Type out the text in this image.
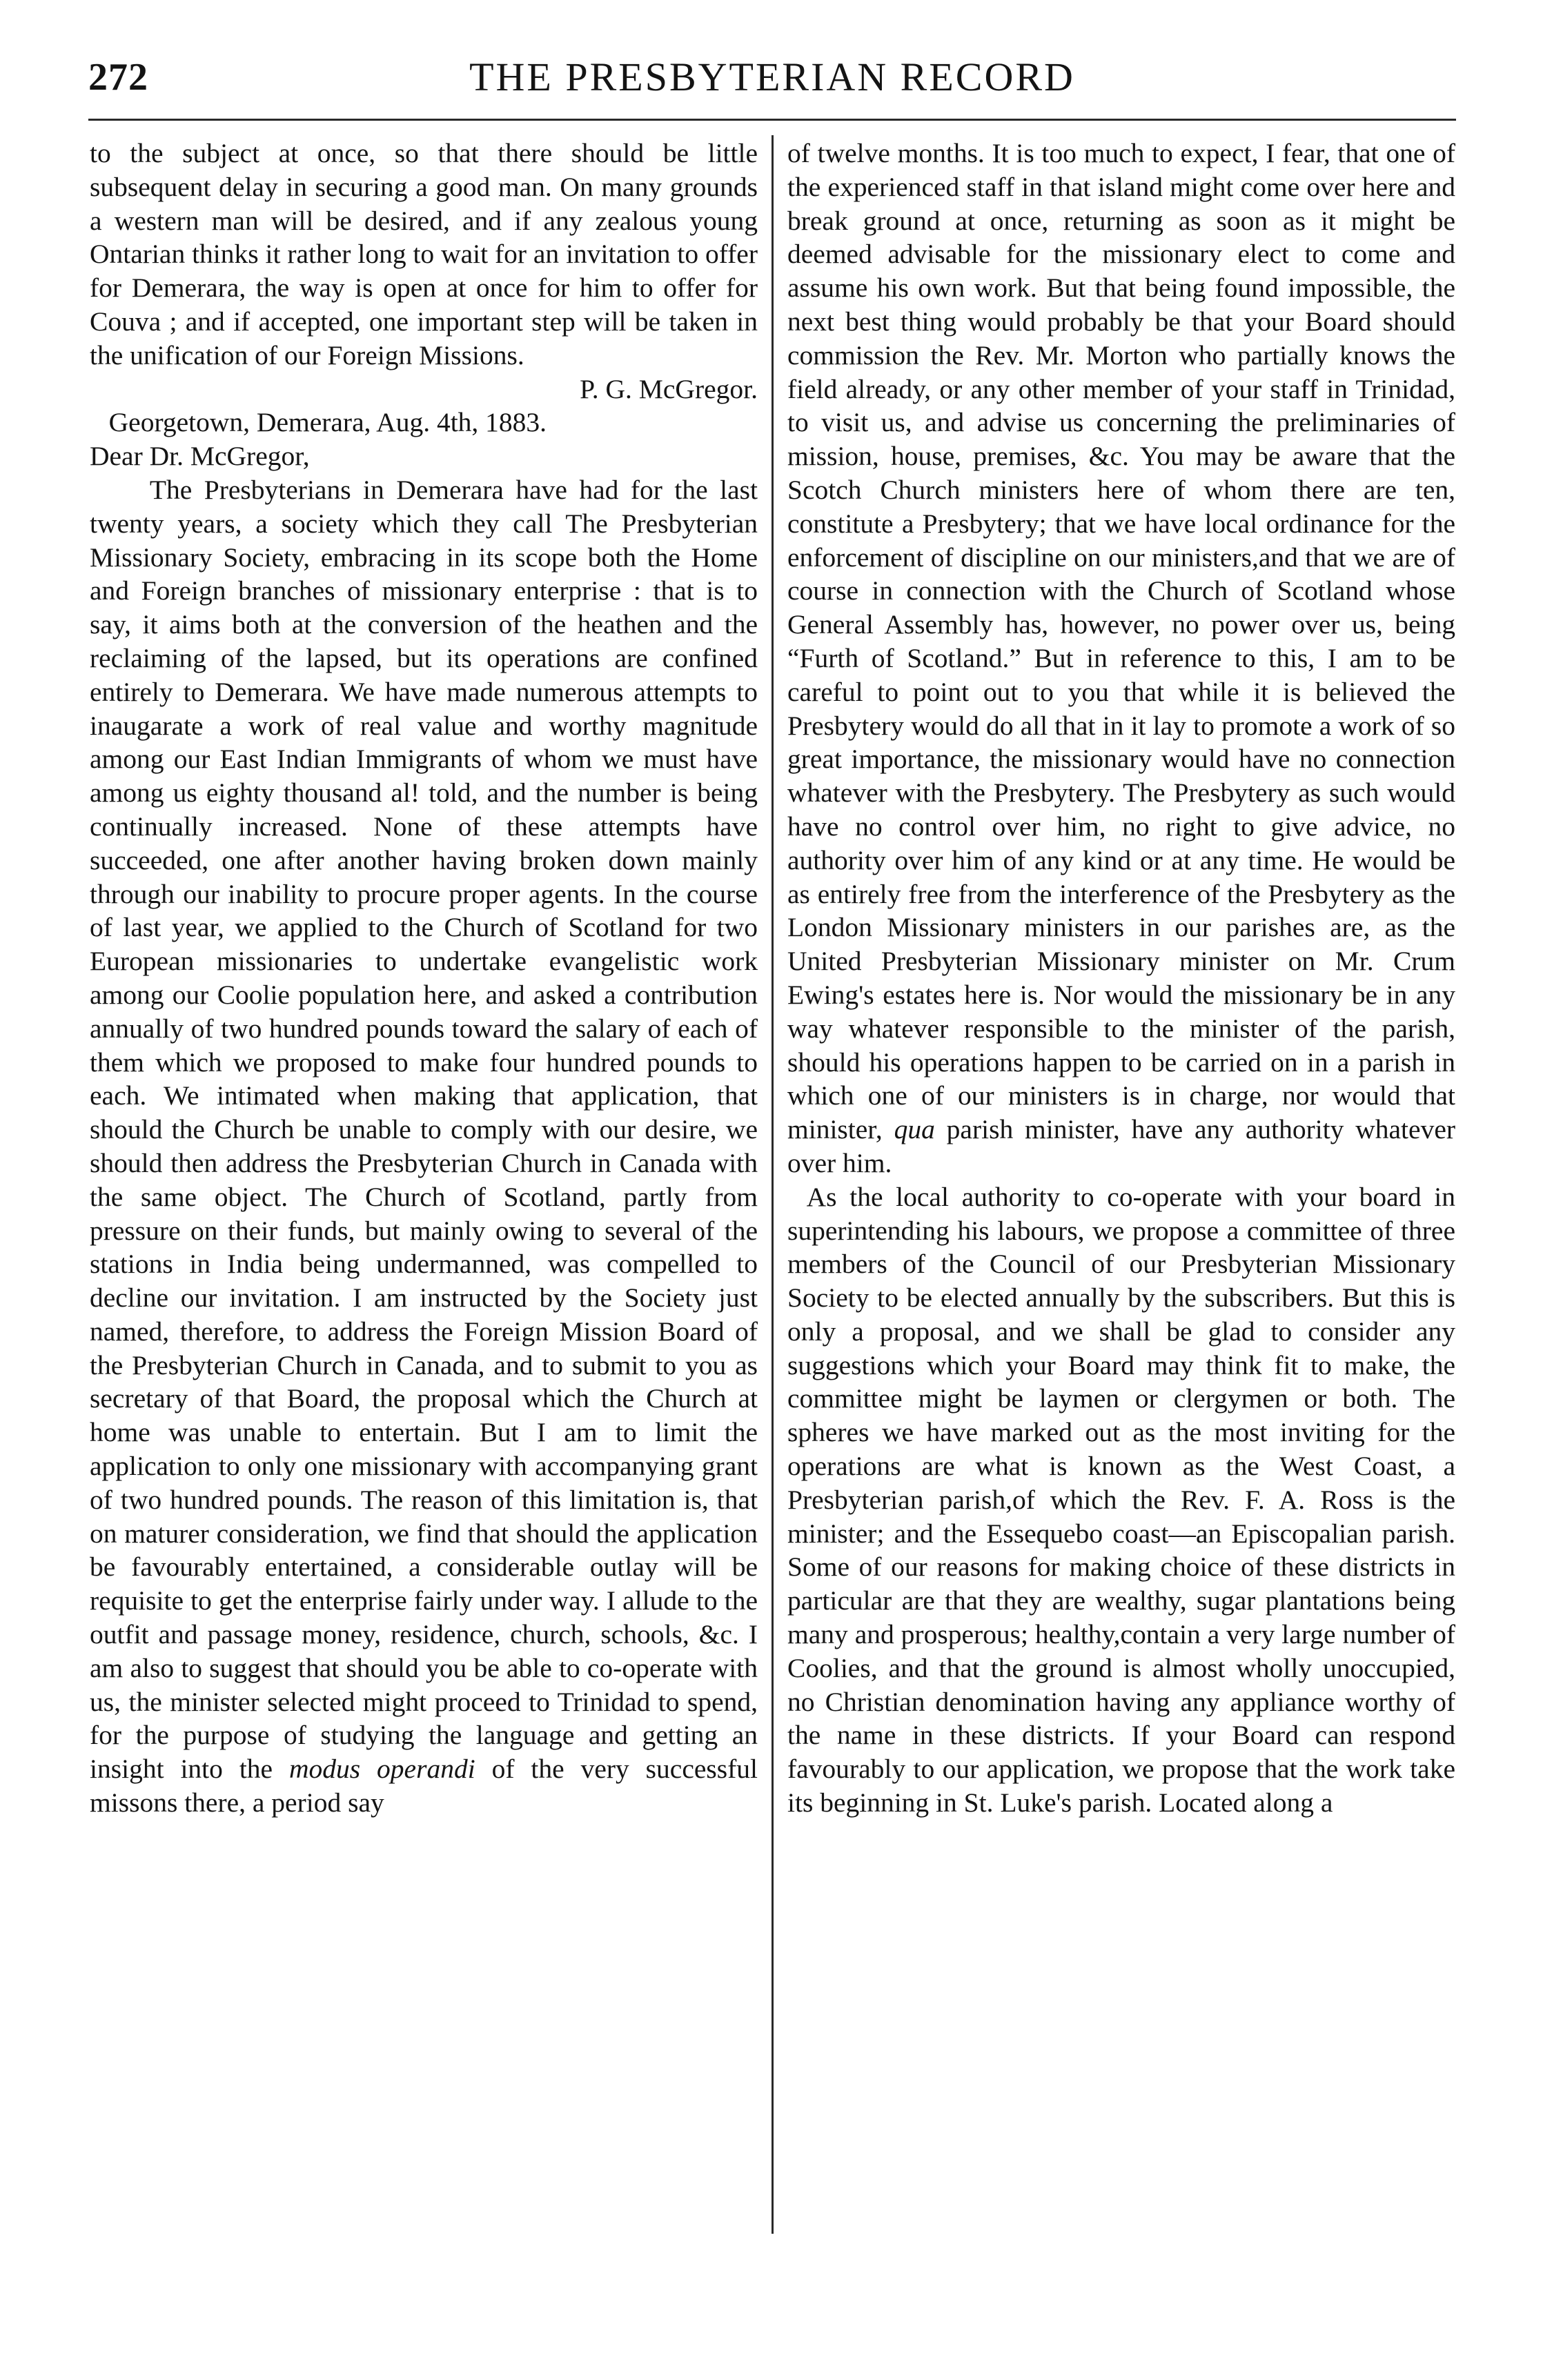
272	THE PRESBYTERIAN RECORD

to the subject at once, so that there should be little subsequent delay in securing a good man. On many grounds a western man will be desired, and if any zealous young Ontarian thinks it rather long to wait for an invitation to offer for Demerara, the way is open at once for him to offer for Couva ; and if accepted, one important step will be taken in the unification of our Foreign Missions.

P. G. McGregor.

Georgetown, Demerara, Aug. 4th, 1883.

Dear Dr. McGregor,

The Presbyterians in Demerara have had for the last twenty years, a society which they call The Presbyterian Missionary Society, embracing in its scope both the Home and Foreign branches of missionary enterprise : that is to say, it aims both at the conversion of the heathen and the reclaiming of the lapsed, but its operations are confined entirely to Demerara. We have made numerous attempts to inaugarate a work of real value and worthy magnitude among our East Indian Immigrants of whom we must have among us eighty thousand al! told, and the number is being continually increased. None of these attempts have succeeded, one after another having broken down mainly through our inability to procure proper agents. In the course of last year, we applied to the Church of Scotland for two European missionaries to undertake evangelistic work among our Coolie population here, and asked a contribution annually of two hundred pounds toward the salary of each of them which we proposed to make four hundred pounds to each. We intimated when making that application, that should the Church be unable to comply with our desire, we should then address the Presbyterian Church in Canada with the same object. The Church of Scotland, partly from pressure on their funds, but mainly owing to several of the stations in India being undermanned, was compelled to decline our invitation. I am instructed by the Society just named, therefore, to address the Foreign Mission Board of the Presbyterian Church in Canada, and to submit to you as secretary of that Board, the proposal which the Church at home was unable to entertain. But I am to limit the application to only one missionary with accompanying grant of two hundred pounds. The reason of this limitation is, that on maturer consideration, we find that should the application be favourably entertained, a considerable outlay will be requisite to get the enterprise fairly under way. I allude to the outfit and passage money, residence, church, schools, &c. I am also to suggest that should you be able to co-operate with us, the minister selected might proceed to Trinidad to spend, for the purpose of studying the language and getting an insight into the modus operandi of the very successful missons there, a period say

of twelve months. It is too much to expect, I fear, that one of the experienced staff in that island might come over here and break ground at once, returning as soon as it might be deemed advisable for the missionary elect to come and assume his own work. But that being found impossible, the next best thing would probably be that your Board should commission the Rev. Mr. Morton who partially knows the field already, or any other member of your staff in Trinidad, to visit us, and advise us concerning the preliminaries of mission, house, premises, &c. You may be aware that the Scotch Church ministers here of whom there are ten, constitute a Presbytery; that we have local ordinance for the enforcement of discipline on our ministers,and that we are of course in connection with the Church of Scotland whose General Assembly has, however, no power over us, being “Furth of Scotland.” But in reference to this, I am to be careful to point out to you that while it is believed the Presbytery would do all that in it lay to promote a work of so great importance, the missionary would have no connection whatever with the Presbytery. The Presbytery as such would have no control over him, no right to give advice, no authority over him of any kind or at any time. He would be as entirely free from the interference of the Presbytery as the London Missionary ministers in our parishes are, as the United Presbyterian Missionary minister on Mr. Crum Ewing's estates here is. Nor would the missionary be in any way whatever responsible to the minister of the parish, should his operations happen to be carried on in a parish in which one of our ministers is in charge, nor would that minister, qua parish minister, have any authority whatever over him.

As the local authority to co-operate with your board in superintending his labours, we propose a committee of three members of the Council of our Presbyterian Missionary Society to be elected annually by the subscribers. But this is only a proposal, and we shall be glad to consider any suggestions which your Board may think fit to make, the committee might be laymen or clergymen or both. The spheres we have marked out as the most inviting for the operations are what is known as the West Coast, a Presbyterian parish,of which the Rev. F. A. Ross is the minister; and the Essequebo coast—an Episcopalian parish. Some of our reasons for making choice of these districts in particular are that they are wealthy, sugar plantations being many and prosperous; healthy,contain a very large number of Coolies, and that the ground is almost wholly unoccupied, no Christian denomination having any appliance worthy of the name in these districts. If your Board can respond favourably to our application, we propose that the work take its beginning in St. Luke's parish. Located along a
